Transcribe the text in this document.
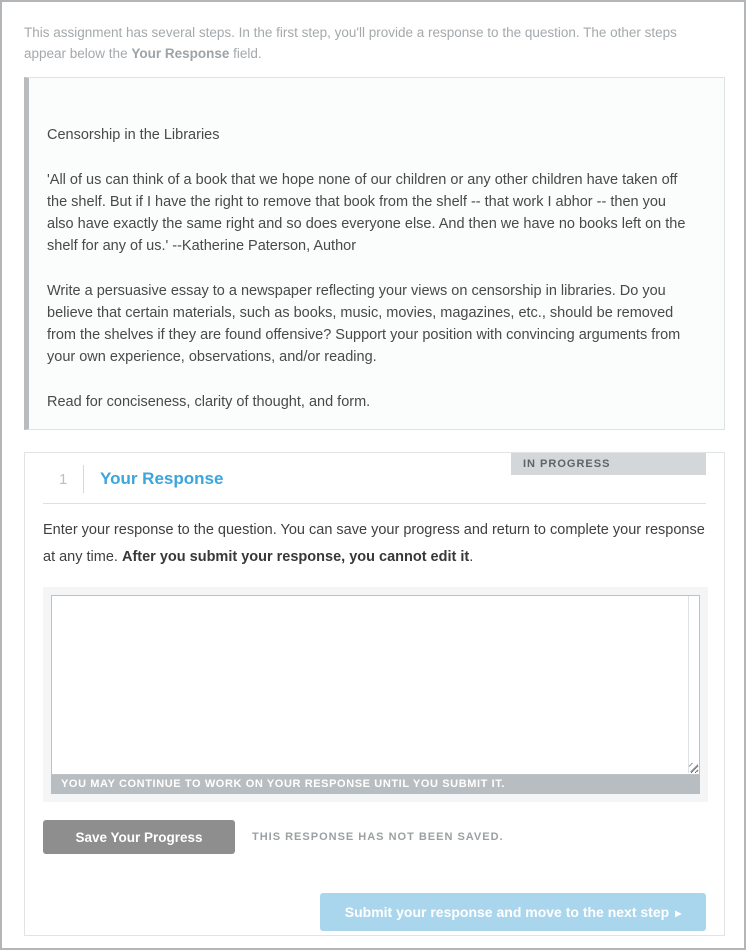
This assignment has several steps. In the first step, you'll provide a response to the question. The other steps appear below the Your Response field.

Censorship in the Libraries

'All of us can think of a book that we hope none of our children or any other children have taken off the shelf. But if I have the right to remove that book from the shelf -- that work I abhor -- then you also have exactly the same right and so does everyone else. And then we have no books left on the shelf for any of us.' --Katherine Paterson, Author

Write a persuasive essay to a newspaper reflecting your views on censorship in libraries. Do you believe that certain materials, such as books, music, movies, magazines, etc., should be removed from the shelves if they are found offensive? Support your position with convincing arguments from your own experience, observations, and/or reading.

Read for conciseness, clarity of thought, and form.

IN PROGRESS
1	Your Response

Enter your response to the question. You can save your progress and return to complete your response at any time. After you submit your response, you cannot edit it.

YOU MAY CONTINUE TO WORK ON YOUR RESPONSE UNTIL YOU SUBMIT IT.
Save Your Progress	THIS RESPONSE HAS NOT BEEN SAVED.
Submit your response and move to the next step ▸
